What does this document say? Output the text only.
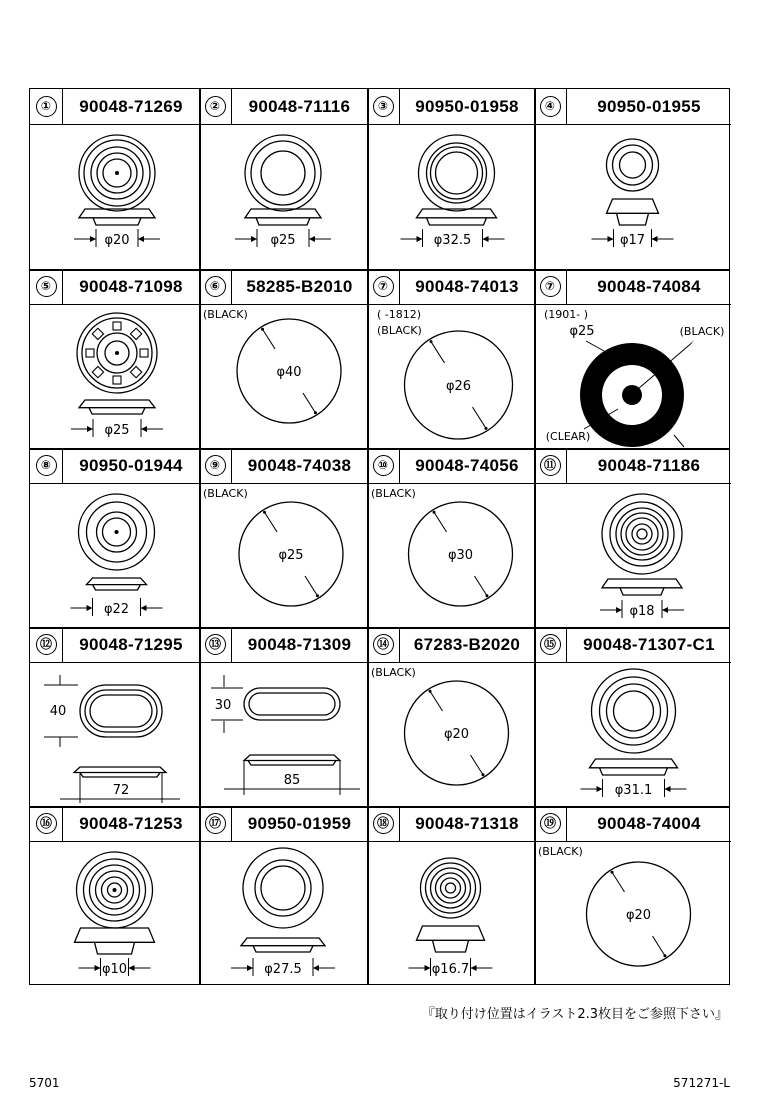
①	90048-71269
φ20
②	90048-71116
φ25
③	90950-01958
φ32.5
④	90950-01955
φ17
⑤	90048-71098
φ25
⑥	58285-B2010
(BLACK)
φ40
⑦	90048-74013
(BLACK)
( -1812)
φ26
⑦	90048-74084
(1901- )
φ25	(BLACK)
(CLEAR)
⑧	90950-01944
φ22
⑨	90048-74038
(BLACK)
φ25
⑩	90048-74056
(BLACK)
φ30
⑪	90048-71186
φ18
⑫	90048-71295
40
72
⑬	90048-71309
30
85
⑭	67283-B2020
(BLACK)
φ20
⑮	90048-71307-C1
φ31.1
⑯	90048-71253
φ10
⑰	90950-01959
φ27.5
⑱	90048-71318
φ16.7
⑲	90048-74004
(BLACK)
φ20
『取り付け位置はイラスト2.3枚目をご参照下さい』
5701	571271-L
